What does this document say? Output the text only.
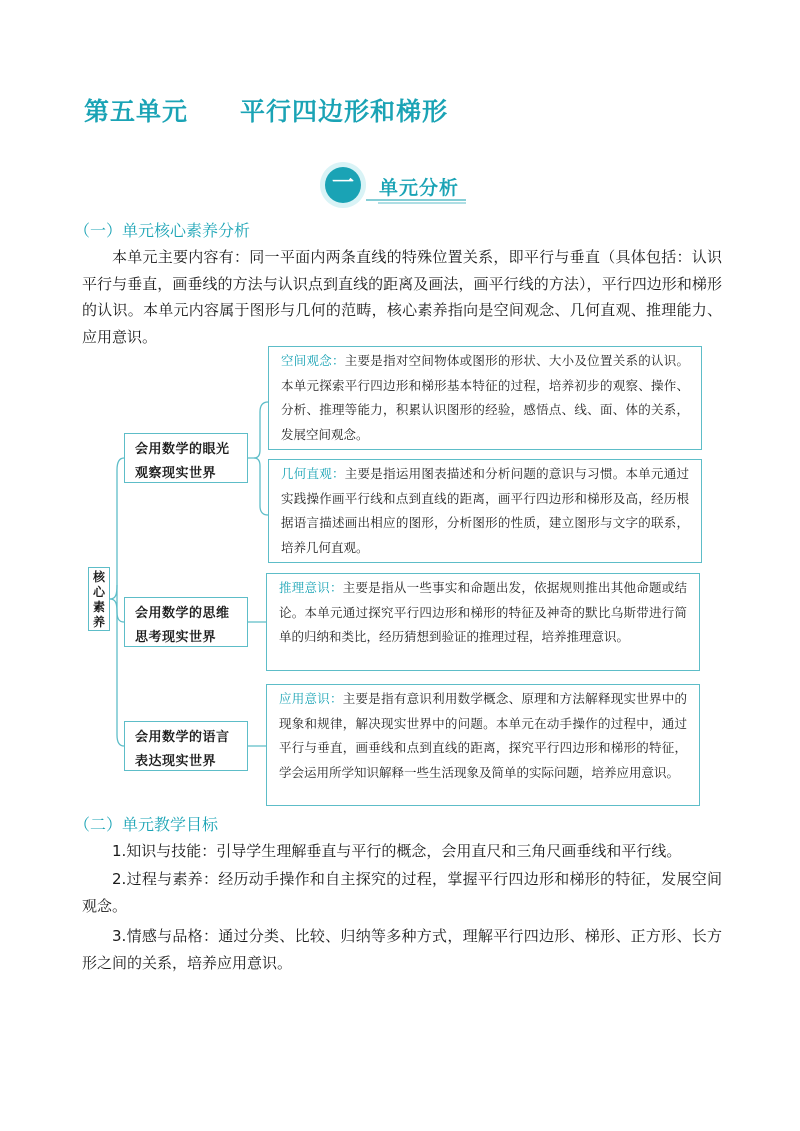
第五单元 平行四边形和梯形
一	单元分析
（一）单元核心素养分析
本单元主要内容有：同一平面内两条直线的特殊位置关系，即平行与垂直（具体包括：认识平行与垂直，画垂线的方法与认识点到直线的距离及画法，画平行线的方法），平行四边形和梯形的认识。本单元内容属于图形与几何的范畴，核心素养指向是空间观念、几何直观、推理能力、应用意识。
核心素养
会用数学的眼光观察现实世界
会用数学的思维思考现实世界
会用数学的语言表达现实世界
空间观念：主要是指对空间物体或图形的形状、大小及位置关系的认识。本单元探索平行四边形和梯形基本特征的过程，培养初步的观察、操作、分析、推理等能力，积累认识图形的经验，感悟点、线、面、体的关系，发展空间观念。
几何直观：主要是指运用图表描述和分析问题的意识与习惯。本单元通过实践操作画平行线和点到直线的距离，画平行四边形和梯形及高，经历根据语言描述画出相应的图形，分析图形的性质，建立图形与文字的联系，培养几何直观。
推理意识：主要是指从一些事实和命题出发，依据规则推出其他命题或结论。本单元通过探究平行四边形和梯形的特征及神奇的默比乌斯带进行简单的归纳和类比，经历猜想到验证的推理过程，培养推理意识。
应用意识：主要是指有意识利用数学概念、原理和方法解释现实世界中的现象和规律，解决现实世界中的问题。本单元在动手操作的过程中，通过平行与垂直，画垂线和点到直线的距离，探究平行四边形和梯形的特征，学会运用所学知识解释一些生活现象及简单的实际问题，培养应用意识。
（二）单元教学目标
1.知识与技能：引导学生理解垂直与平行的概念，会用直尺和三角尺画垂线和平行线。
2.过程与素养：经历动手操作和自主探究的过程，掌握平行四边形和梯形的特征，发展空间观念。
3.情感与品格：通过分类、比较、归纳等多种方式，理解平行四边形、梯形、正方形、长方形之间的关系，培养应用意识。
